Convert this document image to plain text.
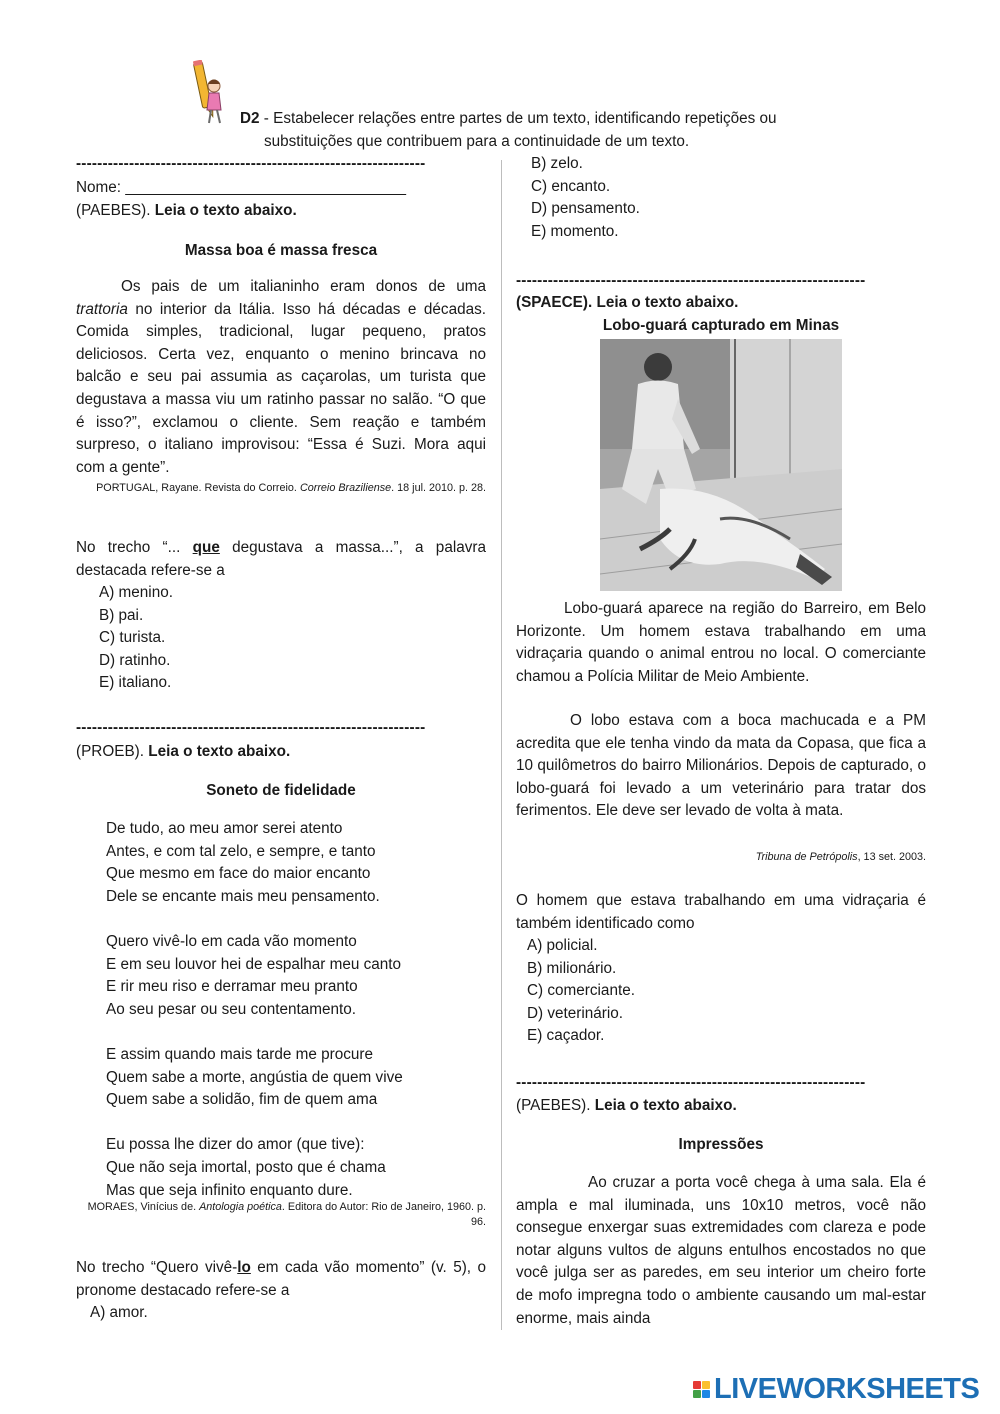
D2 - Estabelecer relações entre partes de um texto, identificando repetições ou
substituições que contribuem para a continuidade de um texto.
------------------------------------------------------------------
Nome: _________________________________
(PAEBES). Leia o texto abaixo.
Massa boa é massa fresca
Os pais de um italianinho eram donos de uma trattoria no interior da Itália. Isso há décadas e décadas. Comida simples, tradicional, lugar pequeno, pratos deliciosos. Certa vez, enquanto o menino brincava no balcão e seu pai assumia as caçarolas, um turista que degustava a massa viu um ratinho passar no salão. “O que é isso?”, exclamou o cliente. Sem reação e também surpreso, o italiano improvisou: “Essa é Suzi. Mora aqui com a gente”.
PORTUGAL, Rayane. Revista do Correio. Correio Braziliense. 18 jul. 2010. p. 28.
No trecho “... que degustava a massa...”, a palavra destacada refere-se a
A) menino.
B) pai.
C) turista.
D) ratinho.
E) italiano.
------------------------------------------------------------------
(PROEB). Leia o texto abaixo.
Soneto de fidelidade
De tudo, ao meu amor serei atento
Antes, e com tal zelo, e sempre, e tanto
Que mesmo em face do maior encanto
Dele se encante mais meu pensamento.
Quero vivê-lo em cada vão momento
E em seu louvor hei de espalhar meu canto
E rir meu riso e derramar meu pranto
Ao seu pesar ou seu contentamento.
E assim quando mais tarde me procure
Quem sabe a morte, angústia de quem vive
Quem sabe a solidão, fim de quem ama
Eu possa lhe dizer do amor (que tive):
Que não seja imortal, posto que é chama
Mas que seja infinito enquanto dure.
MORAES, Vinícius de. Antologia poética. Editora do Autor: Rio de Janeiro, 1960. p. 96.
No trecho “Quero vivê-lo em cada vão momento” (v. 5), o pronome destacado refere-se a
A) amor.
B) zelo.
C) encanto.
D) pensamento.
E) momento.
------------------------------------------------------------------
(SPAECE). Leia o texto abaixo.
Lobo-guará capturado em Minas
Lobo-guará aparece na região do Barreiro, em Belo Horizonte. Um homem estava trabalhando em uma vidraçaria quando o animal entrou no local. O comerciante chamou a Polícia Militar de Meio Ambiente.
O lobo estava com a boca machucada e a PM acredita que ele tenha vindo da mata da Copasa, que fica a 10 quilômetros do bairro Milionários. Depois de capturado, o lobo-guará foi levado a um veterinário para tratar dos ferimentos. Ele deve ser levado de volta à mata.
Tribuna de Petrópolis, 13 set. 2003.
O homem que estava trabalhando em uma vidraçaria é também identificado como
A) policial.
B) milionário.
C) comerciante.
D) veterinário.
E) caçador.
------------------------------------------------------------------
(PAEBES). Leia o texto abaixo.
Impressões
Ao cruzar a porta você chega à uma sala. Ela é ampla e mal iluminada, uns 10x10 metros, você não consegue enxergar suas extremidades com clareza e pode notar alguns vultos de alguns entulhos encostados no que você julga ser as paredes, em seu interior um cheiro forte de mofo impregna todo o ambiente causando um mal-estar enorme, mais ainda
LIVEWORKSHEETS
